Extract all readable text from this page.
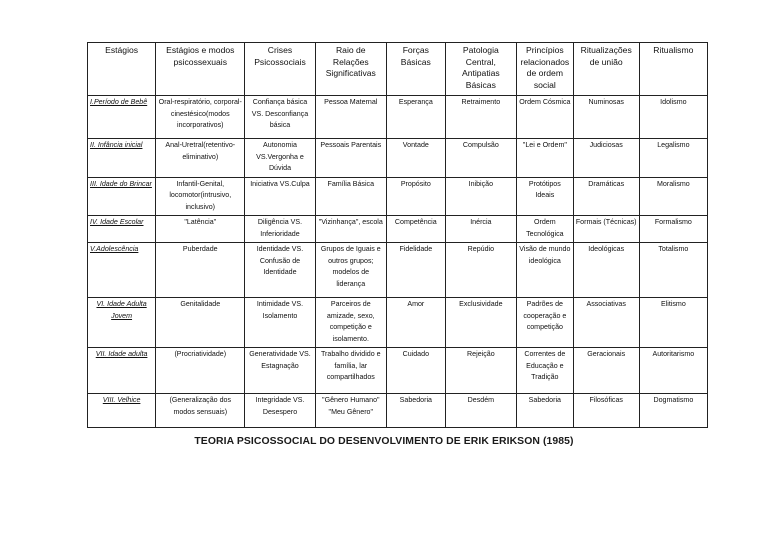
Estágios	Estágios e modos psicossexuais	Crises Psicossociais	Raio de Relações Significativas	Forças Básicas	Patologia Central, Antipatias Básicas	Princípios relacionados de ordem social	Ritualizações de união	Ritualismo
I.Período de Bebê	Oral-respiratório, corporal-cinestésico(modos incorporativos)	Confiança básica VS. Desconfiança básica	Pessoa Maternal	Esperança	Retraimento	Ordem Cósmica	Numinosas	Idolismo
II. Infância inicial	Anal-Uretral(retentivo-eliminativo)	Autonomia VS.Vergonha e Dúvida	Pessoais Parentais	Vontade	Compulsão	"Lei e Ordem"	Judiciosas	Legalismo
III. Idade do Brincar	Infantil-Genital, locomotor(intrusivo, inclusivo)	Iniciativa VS.Culpa	Família Básica	Propósito	Inibição	Protótipos Ideais	Dramáticas	Moralismo
IV. Idade Escolar	"Latência"	Diligência VS. Inferioridade	"Vizinhança", escola	Competência	Inércia	Ordem Tecnológica	Formais (Técnicas)	Formalismo
V.Adolescência	Puberdade	Identidade VS. Confusão de Identidade	Grupos de Iguais e outros grupos; modelos de liderança	Fidelidade	Repúdio	Visão de mundo ideológica	Ideológicas	Totalismo
VI. Idade Adulta Jovem	Genitalidade	Intimidade VS. Isolamento	Parceiros de amizade, sexo, competição e isolamento.	Amor	Exclusividade	Padrões de cooperação e competição	Associativas	Elitismo
VII. Idade adulta	(Procriatividade)	Generatividade VS. Estagnação	Trabalho dividido e família, lar compartilhados	Cuidado	Rejeição	Correntes de Educação e Tradição	Geracionais	Autoritarismo
VIII. Velhice	(Generalização dos modos sensuais)	Integridade VS. Desespero	"Gênero Humano" "Meu Gênero"	Sabedoria	Desdém	Sabedoria	Filosóficas	Dogmatismo
TEORIA PSICOSSOCIAL DO DESENVOLVIMENTO DE ERIK ERIKSON (1985)
